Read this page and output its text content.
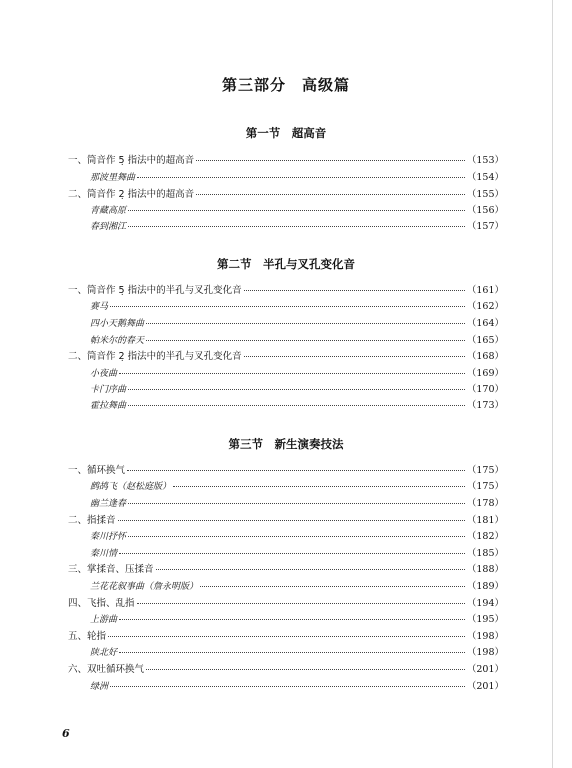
第三部分　高级篇
第一节　超高音
一、筒音作 5̣ 指法中的超高音	（153）
那波里舞曲	（154）
二、筒音作 2̣ 指法中的超高音	（155）
青藏高原	（156）
春到湘江	（157）
第二节　半孔与叉孔变化音
一、筒音作 5̣ 指法中的半孔与叉孔变化音	（161）
赛马	（162）
四小天鹅舞曲	（164）
帕米尔的春天	（165）
二、筒音作 2̣ 指法中的半孔与叉孔变化音	（168）
小夜曲	（169）
卡门序曲	（170）
霍拉舞曲	（173）
第三节　新生演奏技法
一、循环换气	（175）
鹧鸪飞（赵松庭版）	（175）
幽兰逢春	（178）
二、指揉音	（181）
秦川抒怀	（182）
秦川情	（185）
三、掌揉音、压揉音	（188）
兰花花叙事曲（詹永明版）	（189）
四、飞指、乱指	（194）
上游曲	（195）
五、轮指	（198）
陕北好	（198）
六、双吐循环换气	（201）
绿洲	（201）
6
